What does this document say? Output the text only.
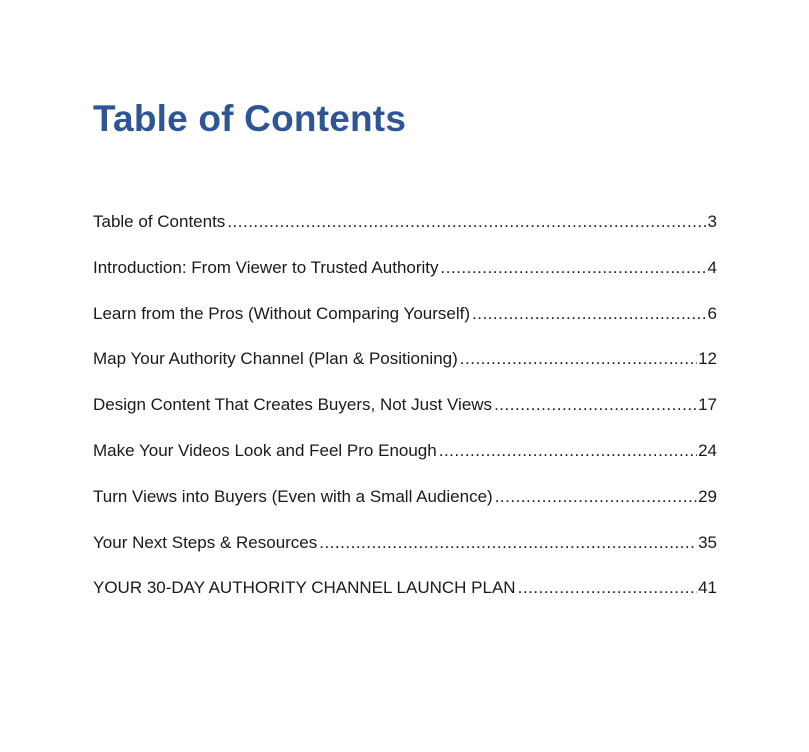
Table of Contents
Table of Contents .....	3
Introduction: From Viewer to Trusted Authority .....	4
Learn from the Pros (Without Comparing Yourself) .....	6
Map Your Authority Channel (Plan & Positioning) .....	12
Design Content That Creates Buyers, Not Just Views .....	17
Make Your Videos Look and Feel Pro Enough .....	24
Turn Views into Buyers (Even with a Small Audience) .....	29
Your Next Steps & Resources .....	35
YOUR 30-DAY AUTHORITY CHANNEL LAUNCH PLAN .....	41
